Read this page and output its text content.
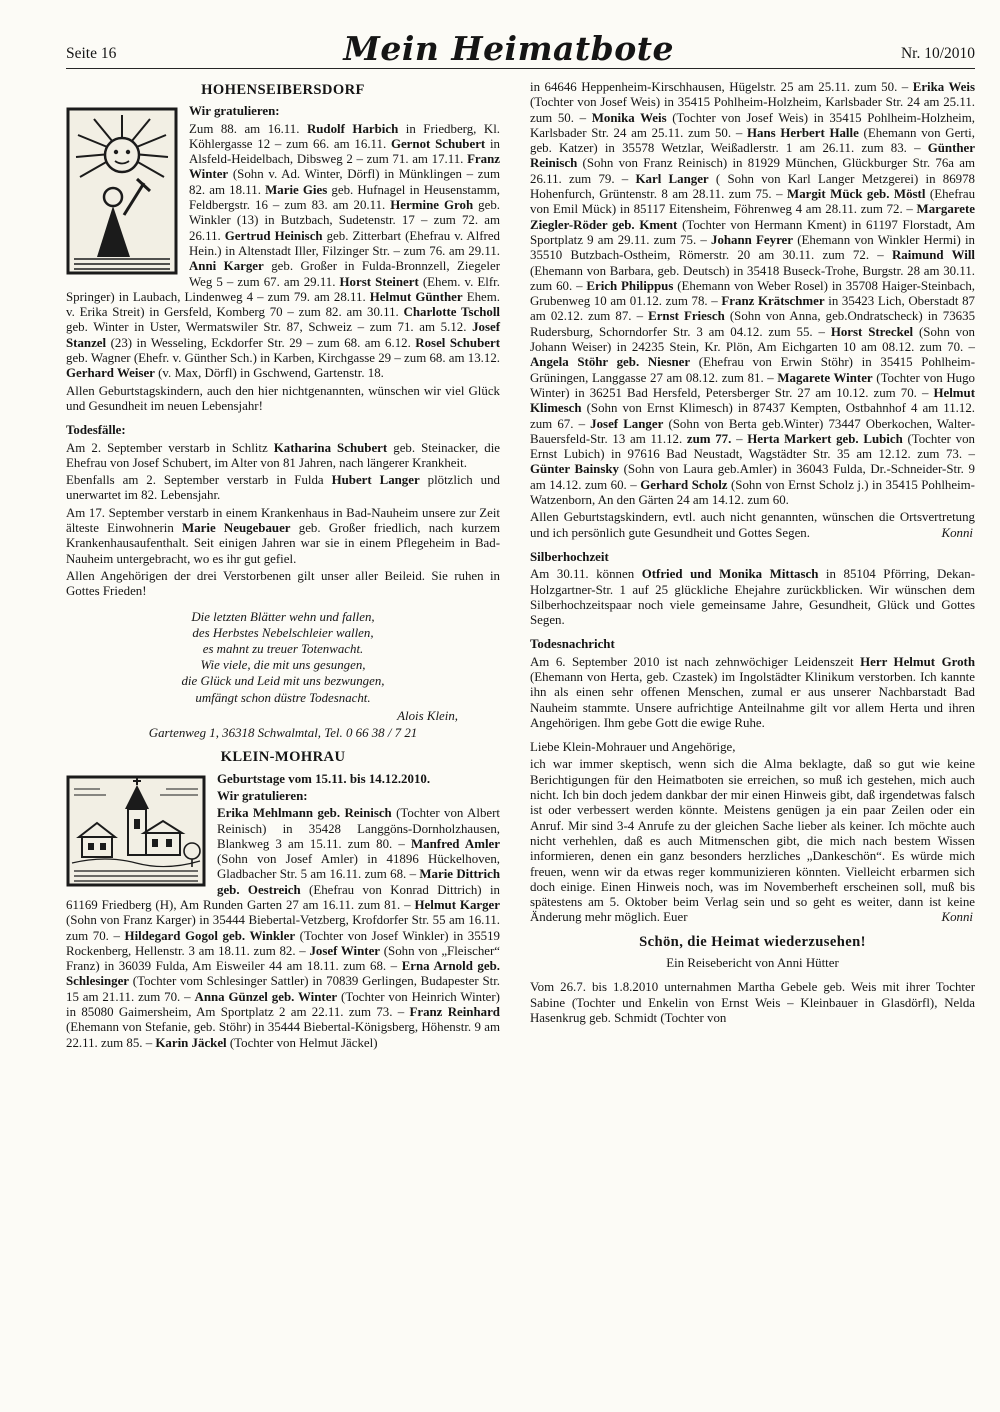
Seite 16	Mein Heimatbote	Nr. 10/2010
HOHENSEIBERSDORF
Wir gratulieren:
Zum 88. am 16.11. Rudolf Harbich in Friedberg, Kl. Köhlergasse 12 – zum 66. am 16.11. Gernot Schubert in Alsfeld-Heidelbach, Dibsweg 2 – zum 71. am 17.11. Franz Winter (Sohn v. Ad. Winter, Dörfl) in Münklingen – zum 82. am 18.11. Marie Gies geb. Hufnagel in Heusenstamm, Feldbergstr. 16 – zum 83. am 20.11. Hermine Groh geb. Winkler (13) in Butzbach, Sudetenstr. 17 – zum 72. am 26.11. Gertrud Heinisch geb. Zitterbart (Ehefrau v. Alfred Hein.) in Altenstadt Iller, Filzinger Str. – zum 76. am 29.11. Anni Karger geb. Großer in Fulda-Bronnzell, Ziegeler Weg 5 – zum 67. am 29.11. Horst Steinert (Ehem. v. Elfr. Springer) in Laubach, Lindenweg 4 – zum 79. am 28.11. Helmut Günther Ehem. v. Erika Streit) in Gersfeld, Komberg 70 – zum 82. am 30.11. Charlotte Tscholl geb. Winter in Uster, Wermatswiler Str. 87, Schweiz – zum 71. am 5.12. Josef Stanzel (23) in Wesseling, Eckdorfer Str. 29 – zum 68. am 6.12. Rosel Schubert geb. Wagner (Ehefr. v. Günther Sch.) in Karben, Kirchgasse 29 – zum 68. am 13.12. Gerhard Weiser (v. Max, Dörfl) in Gschwend, Gartenstr. 18.
Allen Geburtstagskindern, auch den hier nichtgenannten, wünschen wir viel Glück und Gesundheit im neuen Lebensjahr!
Todesfälle:
Am 2. September verstarb in Schlitz Katharina Schubert geb. Steinacker, die Ehefrau von Josef Schubert, im Alter von 81 Jahren, nach längerer Krankheit.
Ebenfalls am 2. September verstarb in Fulda Hubert Langer plötzlich und unerwartet im 82. Lebensjahr.
Am 17. September verstarb in einem Krankenhaus in Bad-Nauheim unsere zur Zeit älteste Einwohnerin Marie Neugebauer geb. Großer friedlich, nach kurzem Krankenhausaufenthalt. Seit einigen Jahren war sie in einem Pflegeheim in Bad-Nauheim untergebracht, wo es ihr gut gefiel.
Allen Angehörigen der drei Verstorbenen gilt unser aller Beileid. Sie ruhen in Gottes Frieden!
Die letzten Blätter wehn und fallen,
des Herbstes Nebelschleier wallen,
es mahnt zu treuer Totenwacht.
Wie viele, die mit uns gesungen,
die Glück und Leid mit uns bezwungen,
umfängt schon düstre Todesnacht.
Alois Klein,
Gartenweg 1, 36318 Schwalmtal, Tel. 0 66 38 / 7 21
KLEIN-MOHRAU
Geburtstage vom 15.11. bis 14.12.2010.
Wir gratulieren:
Erika Mehlmann geb. Reinisch (Tochter von Albert Reinisch) in 35428 Langgöns-Dornholzhausen, Blankweg 3 am 15.11. zum 80. – Manfred Amler (Sohn von Josef Amler) in 41896 Hückelhoven, Gladbacher Str. 5 am 16.11. zum 68. – Marie Dittrich geb. Oestreich (Ehefrau von Konrad Dittrich) in 61169 Friedberg (H), Am Runden Garten 27 am 16.11. zum 81. – Helmut Karger (Sohn von Franz Karger) in 35444 Biebertal-Vetzberg, Krofdorfer Str. 55 am 16.11. zum 70. – Hildegard Gogol geb. Winkler (Tochter von Josef Winkler) in 35519 Rockenberg, Hellenstr. 3 am 18.11. zum 82. – Josef Winter (Sohn von „Fleischer“ Franz) in 36039 Fulda, Am Eisweiler 44 am 18.11. zum 68. – Erna Arnold geb. Schlesinger (Tochter vom Schlesinger Sattler) in 70839 Gerlingen, Budapester Str. 15 am 21.11. zum 70. – Anna Günzel geb. Winter (Tochter von Heinrich Winter) in 85080 Gaimersheim, Am Sportplatz 2 am 22.11. zum 73. – Franz Reinhard (Ehemann von Stefanie, geb. Stöhr) in 35444 Biebertal-Königsberg, Höhenstr. 9 am 22.11. zum 85. – Karin Jäckel (Tochter von Helmut Jäckel)
in 64646 Heppenheim-Kirschhausen, Hügelstr. 25 am 25.11. zum 50. – Erika Weis (Tochter von Josef Weis) in 35415 Pohlheim-Holzheim, Karlsbader Str. 24 am 25.11. zum 50. – Monika Weis (Tochter von Josef Weis) in 35415 Pohlheim-Holzheim, Karlsbader Str. 24 am 25.11. zum 50. – Hans Herbert Halle (Ehemann von Gerti, geb. Katzer) in 35578 Wetzlar, Weißadlerstr. 1 am 26.11. zum 83. – Günther Reinisch (Sohn von Franz Reinisch) in 81929 München, Glückburger Str. 76a am 26.11. zum 79. – Karl Langer ( Sohn von Karl Langer Metzgerei) in 86978 Hohenfurch, Grüntenstr. 8 am 28.11. zum 75. – Margit Mück geb. Möstl (Ehefrau von Emil Mück) in 85117 Eitensheim, Föhrenweg 4 am 28.11. zum 72. – Margarete Ziegler-Röder geb. Kment (Tochter von Hermann Kment) in 61197 Florstadt, Am Sportplatz 9 am 29.11. zum 75. – Johann Feyrer (Ehemann von Winkler Hermi) in 35510 Butzbach-Ostheim, Römerstr. 20 am 30.11. zum 72. – Raimund Will (Ehemann von Barbara, geb. Deutsch) in 35418 Buseck-Trohe, Burgstr. 28 am 30.11. zum 60. – Erich Philippus (Ehemann von Weber Rosel) in 35708 Haiger-Steinbach, Grubenweg 10 am 01.12. zum 78. – Franz Krätschmer in 35423 Lich, Oberstadt 87 am 02.12. zum 87. – Ernst Friesch (Sohn von Anna, geb.Ondratscheck) in 73635 Rudersburg, Schorndorfer Str. 3 am 04.12. zum 55. – Horst Streckel (Sohn von Johann Weiser) in 24235 Stein, Kr. Plön, Am Eichgarten 10 am 08.12. zum 70. – Angela Stöhr geb. Niesner (Ehefrau von Erwin Stöhr) in 35415 Pohlheim-Grüningen, Langgasse 27 am 08.12. zum 81. – Magarete Winter (Tochter von Hugo Winter) in 36251 Bad Hersfeld, Petersberger Str. 27 am 10.12. zum 70. – Helmut Klimesch (Sohn von Ernst Klimesch) in 87437 Kempten, Ostbahnhof 4 am 11.12. zum 67. – Josef Langer (Sohn von Berta geb.Winter) 73447 Oberkochen, Walter-Bauersfeld-Str. 13 am 11.12. zum 77. – Herta Markert geb. Lubich (Tochter von Ernst Lubich) in 97616 Bad Neustadt, Wagstädter Str. 35 am 12.12. zum 73. – Günter Bainsky (Sohn von Laura geb.Amler) in 36043 Fulda, Dr.-Schneider-Str. 9 am 14.12. zum 60. – Gerhard Scholz (Sohn von Ernst Scholz j.) in 35415 Pohlheim-Watzenborn, An den Gärten 24 am 14.12. zum 60.
Allen Geburtstagskindern, evtl. auch nicht genannten, wünschen die Ortsvertretung und ich persönlich gute Gesundheit und Gottes Segen.	Konni
Silberhochzeit
Am 30.11. können Otfried und Monika Mittasch in 85104 Pförring, Dekan-Holzgartner-Str. 1 auf 25 glückliche Ehejahre zurückblicken. Wir wünschen dem Silberhochzeitspaar noch viele gemeinsame Jahre, Gesundheit, Glück und Gottes Segen.
Todesnachricht
Am 6. September 2010 ist nach zehnwöchiger Leidenszeit Herr Helmut Groth (Ehemann von Herta, geb. Czastek) im Ingolstädter Klinikum verstorben. Ich kannte ihn als einen sehr offenen Menschen, zumal er aus unserer Nachbarstadt Bad Nauheim stammte. Unsere aufrichtige Anteilnahme gilt vor allem Herta und ihren Angehörigen. Ihm gebe Gott die ewige Ruhe.
Liebe Klein-Mohrauer und Angehörige,
ich war immer skeptisch, wenn sich die Alma beklagte, daß so gut wie keine Berichtigungen für den Heimatboten sie erreichen, so muß ich gestehen, mich auch nicht. Ich bin doch jedem dankbar der mir einen Hinweis gibt, daß irgendetwas falsch ist oder verbessert werden könnte. Meistens genügen ja ein paar Zeilen oder ein Anruf. Mir sind 3-4 Anrufe zu der gleichen Sache lieber als keiner. Ich möchte auch nicht verhehlen, daß es auch Mitmenschen gibt, die mich nach bestem Wissen informieren, denen ein ganz besonders herzliches „Dankeschön“. Es würde mich freuen, wenn wir da etwas reger kommunizieren könnten. Vielleicht erbarmen sich doch einige. Einen Hinweis noch, was im Novemberheft erscheinen soll, muß bis spätestens am 5. Oktober beim Verlag sein und so geht es weiter, dann ist keine Änderung mehr möglich. Euer	Konni
Schön, die Heimat wiederzusehen!
Ein Reisebericht von Anni Hütter
Vom 26.7. bis 1.8.2010 unternahmen Martha Gebele geb. Weis mit ihrer Tochter Sabine (Tochter und Enkelin von Ernst Weis – Kleinbauer in Glasdörfl), Nelda Hasenkrug geb. Schmidt (Tochter von
